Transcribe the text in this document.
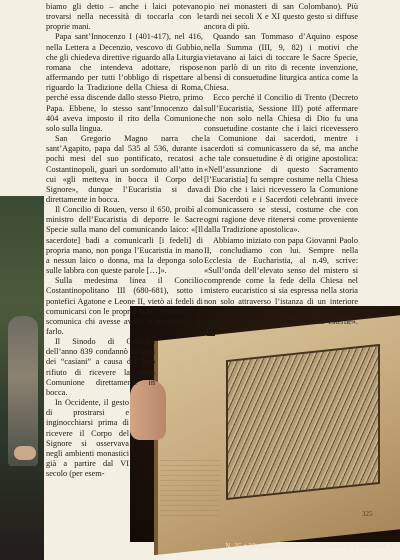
325

biamo gli detto – anche i laici potevano trovarsi nella necessità di toccarla con le proprie mani.

Papa sant’Innocenzo I (401-417), nel 416, nella Lettera a Decenzio, vescovo di Gubbio, che gli chiedeva direttive riguardo alla Liturgia romana che intendeva adottare, rispose affermando per tutti l’obbligo di rispettare al riguardo la Tradizione della Chiesa di Roma, perché essa discende dallo stesso Pietro, primo Papa. Ebbene, lo stesso sant’Innocenzo dal 404 aveva imposto il rito della Comunione solo sulla lingua.

San Gregorio Magno narra che sant’Agapito, papa dal 535 al 536, durante i pochi mesi del suo pontificato, recatosi a Costantinopoli, guarì un sordomuto all’atto in cui «gli metteva in bocca il Corpo del Signore», dunque l’Eucaristia si dava direttamente in bocca.

Il Concilio di Rouen, verso il 650, proibì al ministro dell’Eucaristia di deporre le Sacre Specie sulla mano del comunicando laico: «[Il sacerdote] badi a comunicarli [i fedeli] di propria mano, non ponga l’Eucaristia in mano a nessun laico o donna, ma la deponga solo sulle labbra con queste parole […]».

Sulla medesima linea il Concilio Costantinopolitano III (680-681), sotto i pontefici Agatone e Leone II, vietò ai fedeli di comunicarsi con le proprie mani e minacciò di scomunica chi avesse avuto la temerarietà di farlo.

Il Sinodo di Cordoba dell’anno 839 condannò la setta dei “casiani” a causa del loro rifiuto di ricevere la sacra Comunione direttamente in bocca.

In Occidente, il gesto di prostrarsi e inginocchiarsi prima di ricevere il Corpo del Signore si osservava negli ambienti monastici già a partire dal VI secolo (per esem-

pio nei monasteri di san Colombano). Più tardi nei secoli X e XI questo gesto si diffuse ancora di più.

Quando san Tommaso d’Aquino espose nella Summa (III, 9, 82) i motivi che vietavano ai laici di toccare le Sacre Specie, non parlò di un rito di recente invenzione, bensì di consuetudine liturgica antica come la Chiesa.

Ecco perché il Concilio di Trento (Decreto sull’Eucaristia, Sessione III) poté affermare che non solo nella Chiesa di Dio fu una consuetudine costante che i laici ricevessero la Comunione dai sacerdoti, mentre i sacerdoti si comunicassero da sé, ma anche che tale consuetudine è di origine apostolica: «Nell’assunzione di questo Sacramento [l’Eucaristia] fu sempre costume nella Chiesa di Dio che i laici ricevessero la Comunione dai Sacerdoti e i Sacerdoti celebranti invece comunicassero se stessi, costume che con ogni ragione deve ritenersi come proveniente dalla Tradizione apostolica».

Abbiamo iniziato con papa Giovanni Paolo II, concludiamo con lui. Sempre nella Ecclesia de Eucharistia, al n.49, scrive: «Sull’onda dell’elevato senso del mistero si comprende come la fede della Chiesa nel mistero eucaristico si sia espressa nella storia non solo attraverso l’istanza di un interiore atteggiamento di devozione, ma anche attraverso una serie di espressioni esterne».

N. 25 • 23 giugno 2019 • Il Settimanale di Padre Pio • 25
